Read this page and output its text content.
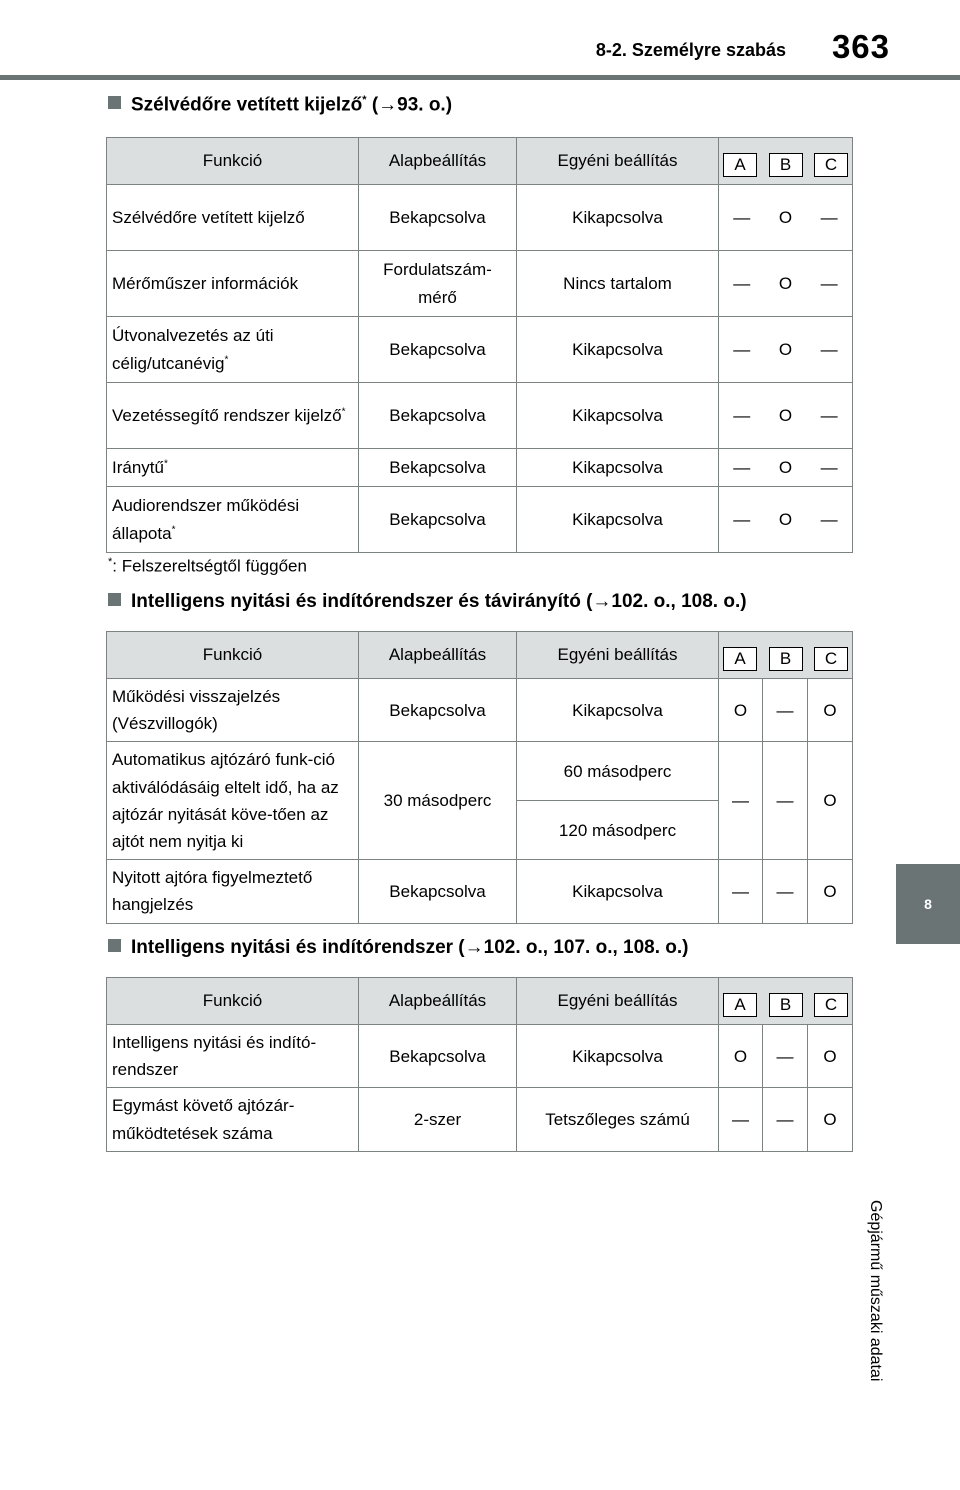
8-2. Személyre szabás	363
8
Gépjármű műszaki adatai
Szélvédőre vetített kijelző* (→93. o.)
Funkció	Alapbeállítás	Egyéni beállítás	A B C

Szélvédőre vetített kijelző	Bekapcsolva	Kikapcsolva	— O —

Mérőműszer információk	Fordulatszám-mérő	Nincs tartalom	— O —

Útvonalvezetés az úti célig/utcanévig*	Bekapcsolva	Kikapcsolva	— O —

Vezetéssegítő rendszer kijelző*	Bekapcsolva	Kikapcsolva	— O —

Iránytű*	Bekapcsolva	Kikapcsolva	— O —

Audiorendszer működési állapota*	Bekapcsolva	Kikapcsolva	— O —
*: Felszereltségtől függően
Intelligens nyitási és indítórendszer és távirányító (→102. o., 108. o.)
Funkció	Alapbeállítás	Egyéni beállítás	A B C		

Működési visszajelzés (Vészvillogók)	Bekapcsolva	Kikapcsolva	O	—	O
Automatikus ajtózáró funk-ció aktiválódásáig eltelt idő, ha az ajtózár nyitását köve-tően az ajtót nem nyitja ki	30 másodperc	60 másodperc	—	—	O
		120 másodperc			
Nyitott ajtóra figyelmeztető hangjelzés	Bekapcsolva	Kikapcsolva	—	—	O
Intelligens nyitási és indítórendszer (→102. o., 107. o., 108. o.)
Funkció	Alapbeállítás	Egyéni beállítás	A B C		

Intelligens nyitási és indító-rendszer	Bekapcsolva	Kikapcsolva	O	—	O
Egymást követő ajtózár-működtetések száma	2-szer	Tetszőleges számú	—	—	O
